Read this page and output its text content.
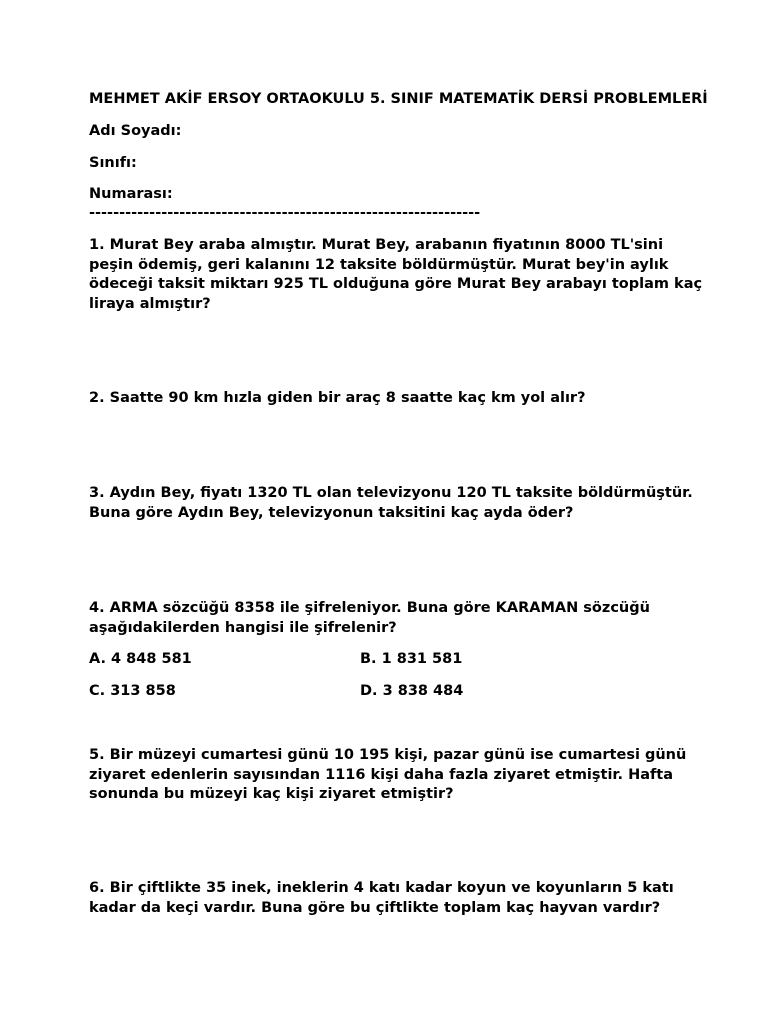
MEHMET AKİF ERSOY ORTAOKULU 5. SINIF MATEMATİK DERSİ PROBLEMLERİ
Adı Soyadı:
Sınıfı:
Numarası:
-----------------------------------------------------------------

1. Murat Bey araba almıştır. Murat Bey, arabanın fiyatının 8000 TL'sini

peşin ödemiş, geri kalanını 12 taksite böldürmüştür. Murat bey'in aylık

ödeceği taksit miktarı 925 TL olduğuna göre Murat Bey arabayı toplam kaç

liraya almıştır?

2. Saatte 90 km hızla giden bir araç 8 saatte kaç km yol alır?

3. Aydın Bey, fiyatı 1320 TL olan televizyonu 120 TL taksite böldürmüştür.

Buna göre Aydın Bey, televizyonun taksitini kaç ayda öder?

4. ARMA sözcüğü 8358 ile şifreleniyor. Buna göre KARAMAN sözcüğü

aşağıdakilerden hangisi ile şifrelenir?

A. 4 848 581	B. 1 831 581
C. 313 858	D. 3 838 484

5. Bir müzeyi cumartesi günü 10 195 kişi, pazar günü ise cumartesi günü

ziyaret edenlerin sayısından 1116 kişi daha fazla ziyaret etmiştir. Hafta

sonunda bu müzeyi kaç kişi ziyaret etmiştir?

6. Bir çiftlikte 35 inek, ineklerin 4 katı kadar koyun ve koyunların 5 katı

kadar da keçi vardır. Buna göre bu çiftlikte toplam kaç hayvan vardır?
